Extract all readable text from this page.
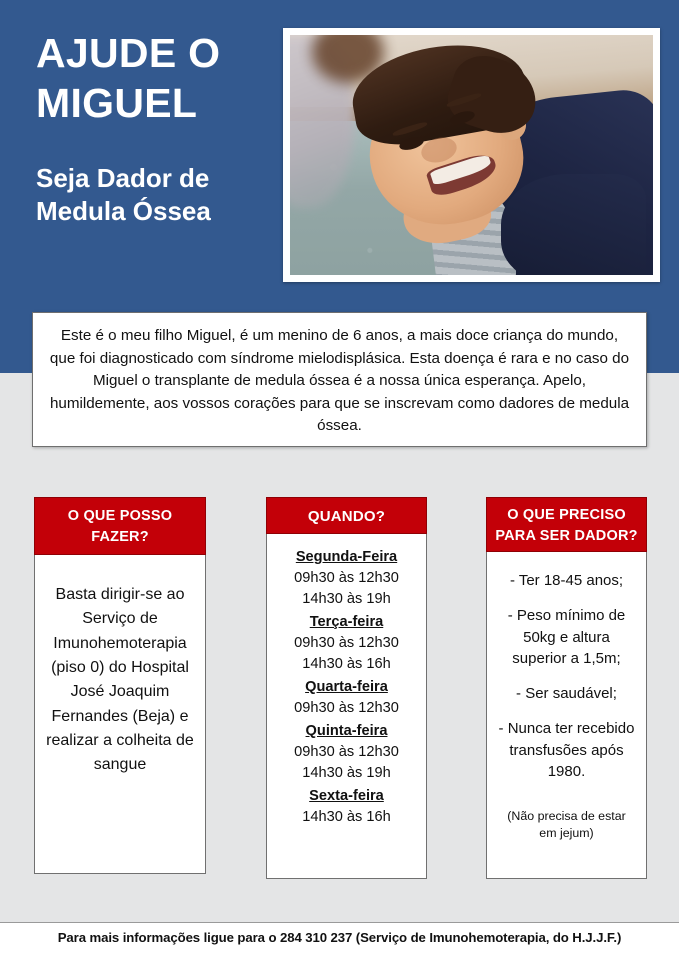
AJUDE O
MIGUEL
Seja Dador de
Medula Óssea
Este é o meu filho Miguel, é um menino de 6 anos, a mais doce criança do mundo, que foi diagnosticado com síndrome mielodisplásica. Esta doença é rara e no caso do Miguel o transplante de medula óssea é a nossa única esperança. Apelo, humildemente, aos vossos corações para que se inscrevam como dadores de medula óssea.
O QUE POSSO
FAZER?
Basta dirigir-se ao Serviço de Imunohemoterapia (piso 0) do Hospital José Joaquim Fernandes (Beja) e realizar a colheita de sangue
QUANDO?
Segunda-Feira
09h30 às 12h30
14h30 às 19h
Terça-feira
09h30 às 12h30
14h30 às 16h
Quarta-feira
09h30 às 12h30
Quinta-feira
09h30 às 12h30
14h30 às 19h
Sexta-feira
14h30 às 16h
O QUE PRECISO
PARA SER DADOR?
- Ter 18-45 anos;
- Peso mínimo de 50kg e altura superior a 1,5m;
- Ser saudável;
- Nunca ter recebido transfusões após 1980.
(Não precisa de estar em jejum)
Para mais informações ligue para o 284 310 237 (Serviço de Imunohemoterapia, do H.J.J.F.)
